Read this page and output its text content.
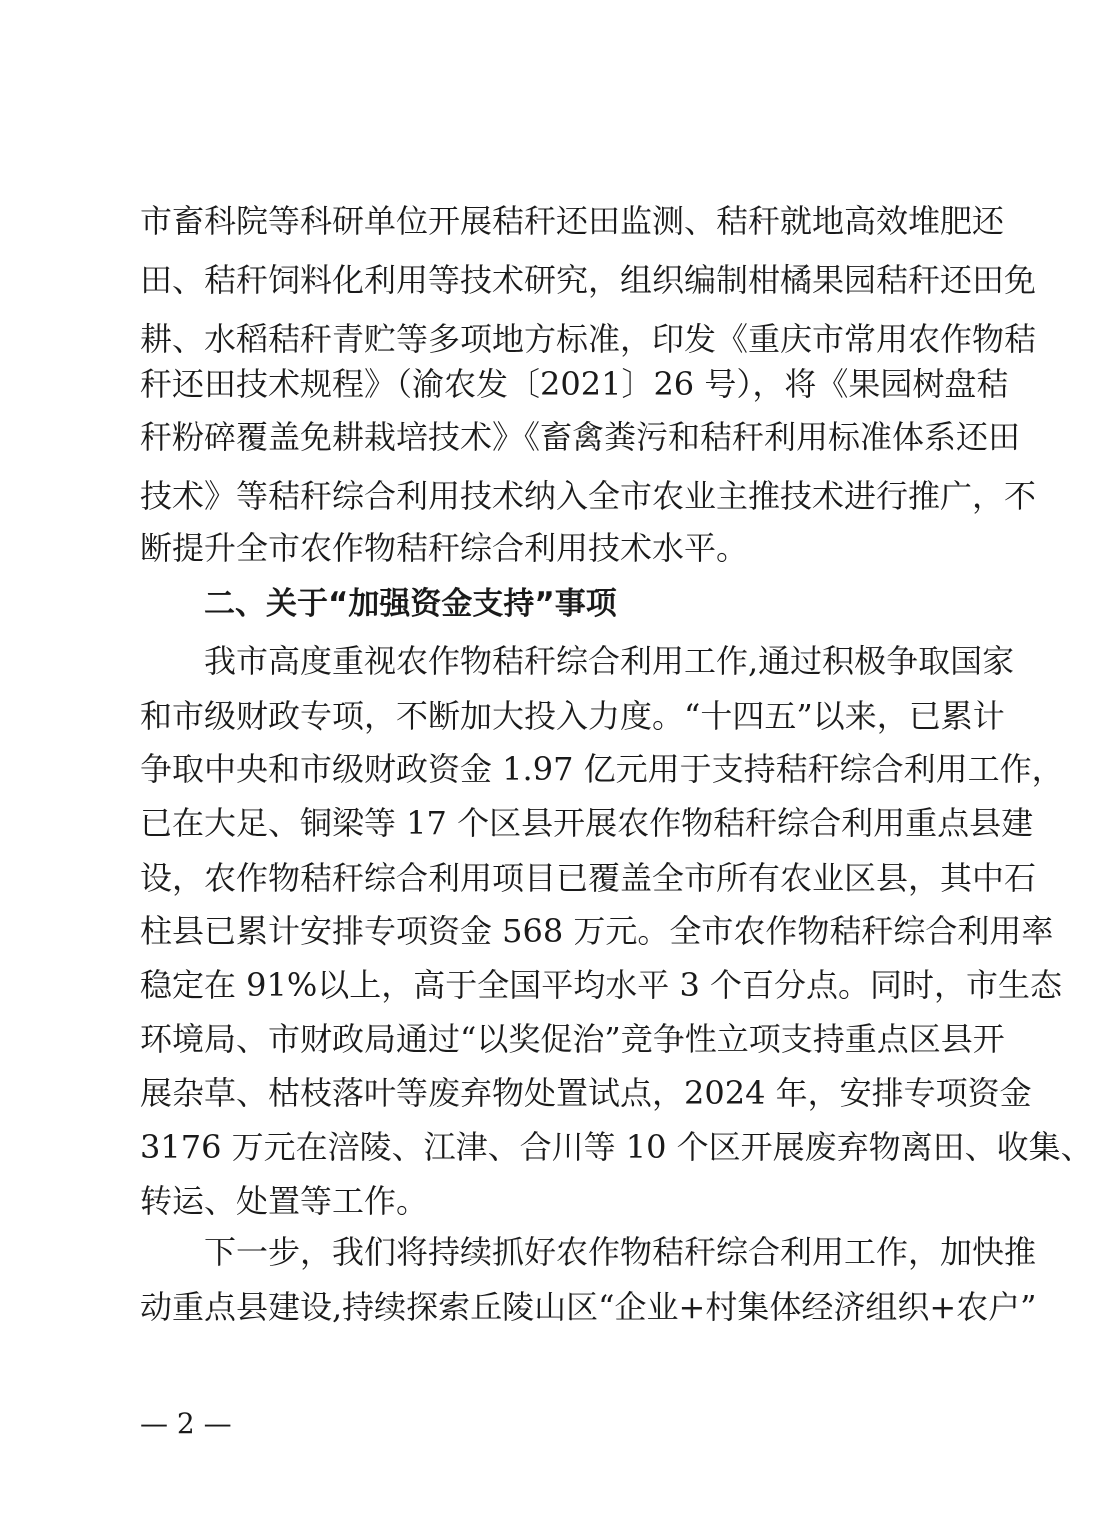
市畜科院等科研单位开展秸秆还田监测、秸秆就地高效堆肥还
田、秸秆饲料化利用等技术研究，组织编制柑橘果园秸秆还田免
耕、水稻秸秆青贮等多项地方标准，印发《重庆市常用农作物秸
秆还田技术规程》（渝农发〔2021〕26 号），将《果园树盘秸
秆粉碎覆盖免耕栽培技术》《畜禽粪污和秸秆利用标准体系还田
技术》等秸秆综合利用技术纳入全市农业主推技术进行推广，不
断提升全市农作物秸秆综合利用技术水平。
二、关于“加强资金支持”事项
我市高度重视农作物秸秆综合利用工作,通过积极争取国家
和市级财政专项，不断加大投入力度。“十四五”以来，已累计
争取中央和市级财政资金 1.97 亿元用于支持秸秆综合利用工作，
已在大足、铜梁等 17 个区县开展农作物秸秆综合利用重点县建
设，农作物秸秆综合利用项目已覆盖全市所有农业区县，其中石
柱县已累计安排专项资金 568 万元。全市农作物秸秆综合利用率
稳定在 91%以上，高于全国平均水平 3 个百分点。同时，市生态
环境局、市财政局通过“以奖促治”竞争性立项支持重点区县开
展杂草、枯枝落叶等废弃物处置试点，2024 年，安排专项资金
3176 万元在涪陵、江津、合川等 10 个区开展废弃物离田、收集、
转运、处置等工作。
下一步，我们将持续抓好农作物秸秆综合利用工作，加快推
动重点县建设,持续探索丘陵山区“企业+村集体经济组织+农户”
— 2 —
